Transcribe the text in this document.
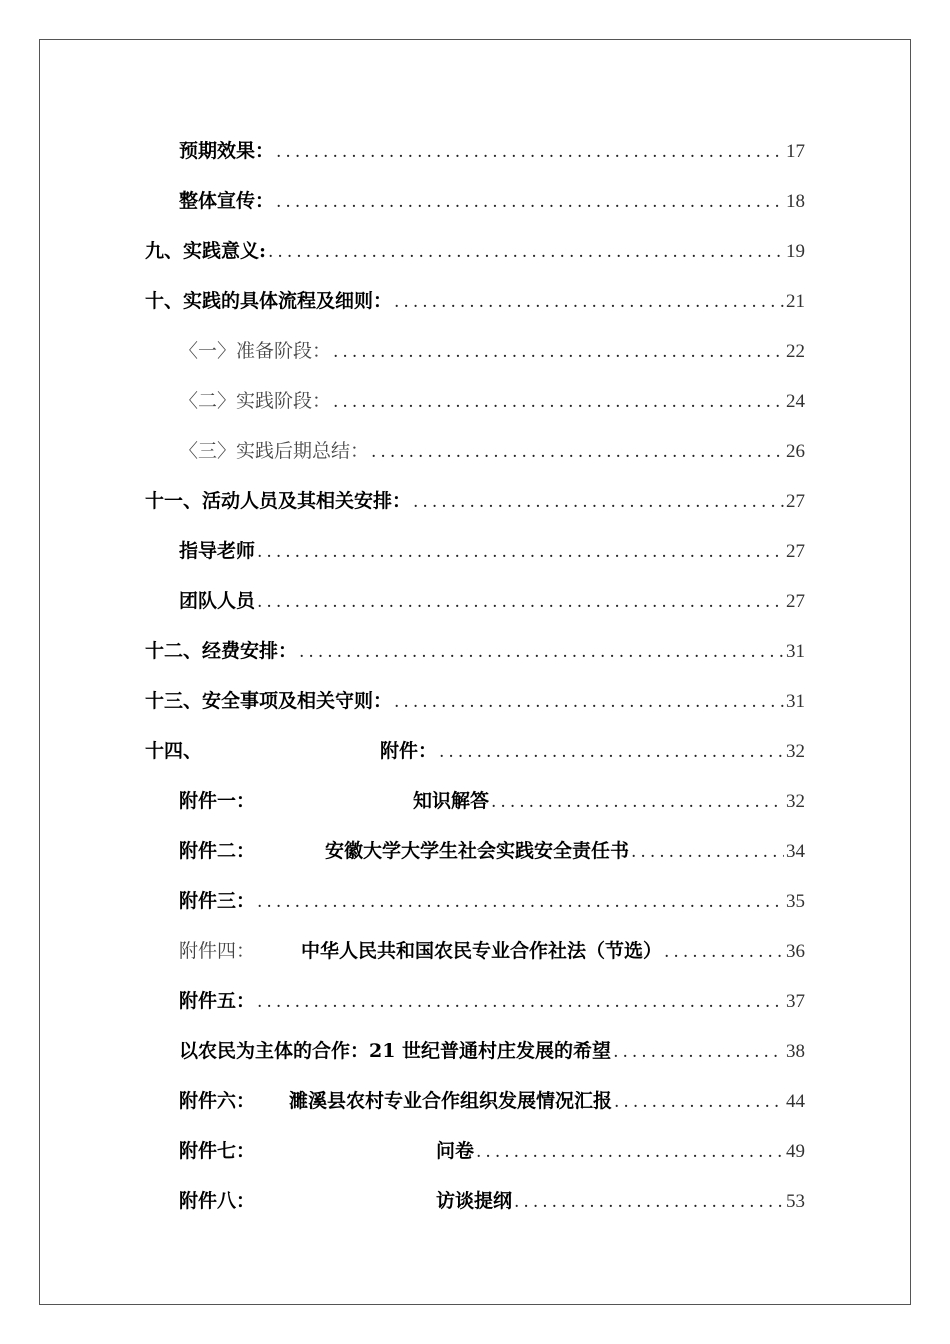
预期效果： .....	17
整体宣传： .....	18
九、实践意义: .....	19
十、实践的具体流程及细则： .....	21
〈一〉准备阶段： .....	22
〈二〉实践阶段： .....	24
〈三〉实践后期总结： .....	26
十一、活动人员及其相关安排： .....	27
指导老师 .....	27
团队人员 .....	27
十二、经费安排： .....	31
十三、安全事项及相关守则： .....	31
十四、	附件： .....	32
附件一：	知识解答 .....	32
附件二：	安徽大学大学生社会实践安全责任书 .....	34
附件三： .....	35
附件四： 中华人民共和国农民专业合作社法（节选） .....	36
附件五： .....	37
以农民为主体的合作：21 世纪普通村庄发展的希望 .....	38
附件六： 濉溪县农村专业合作组织发展情况汇报 .....	44
附件七：	问卷 .....	49
附件八：	访谈提纲 .....	53
